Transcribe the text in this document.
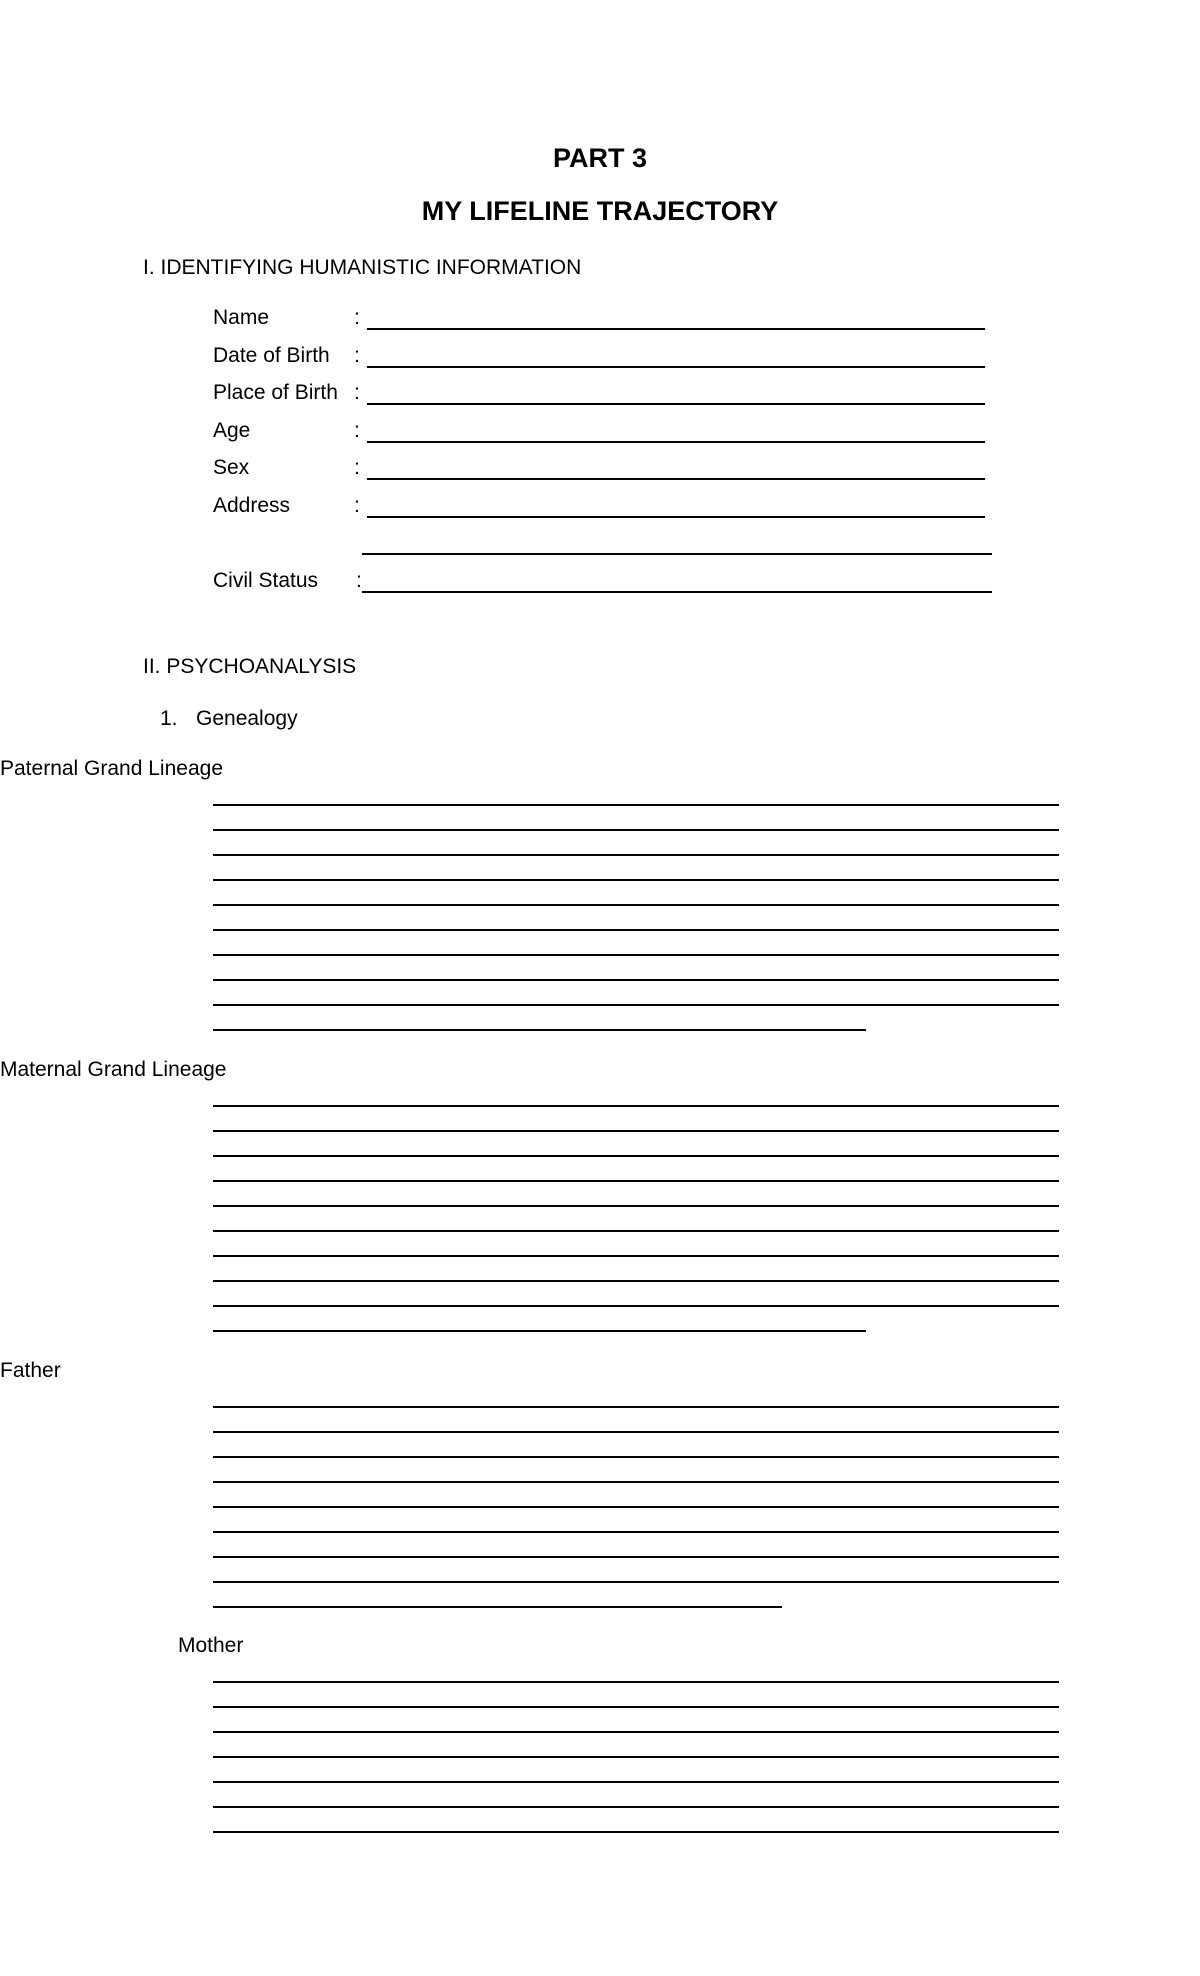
PART 3
MY LIFELINE TRAJECTORY
I. IDENTIFYING HUMANISTIC INFORMATION
Name	:
Date of Birth :
Place of Birth :
Age	:
Sex	:
Address	:
Civil Status :
II. PSYCHOANALYSIS
1. Genealogy
Paternal Grand Lineage
Maternal Grand Lineage
Father
Mother
